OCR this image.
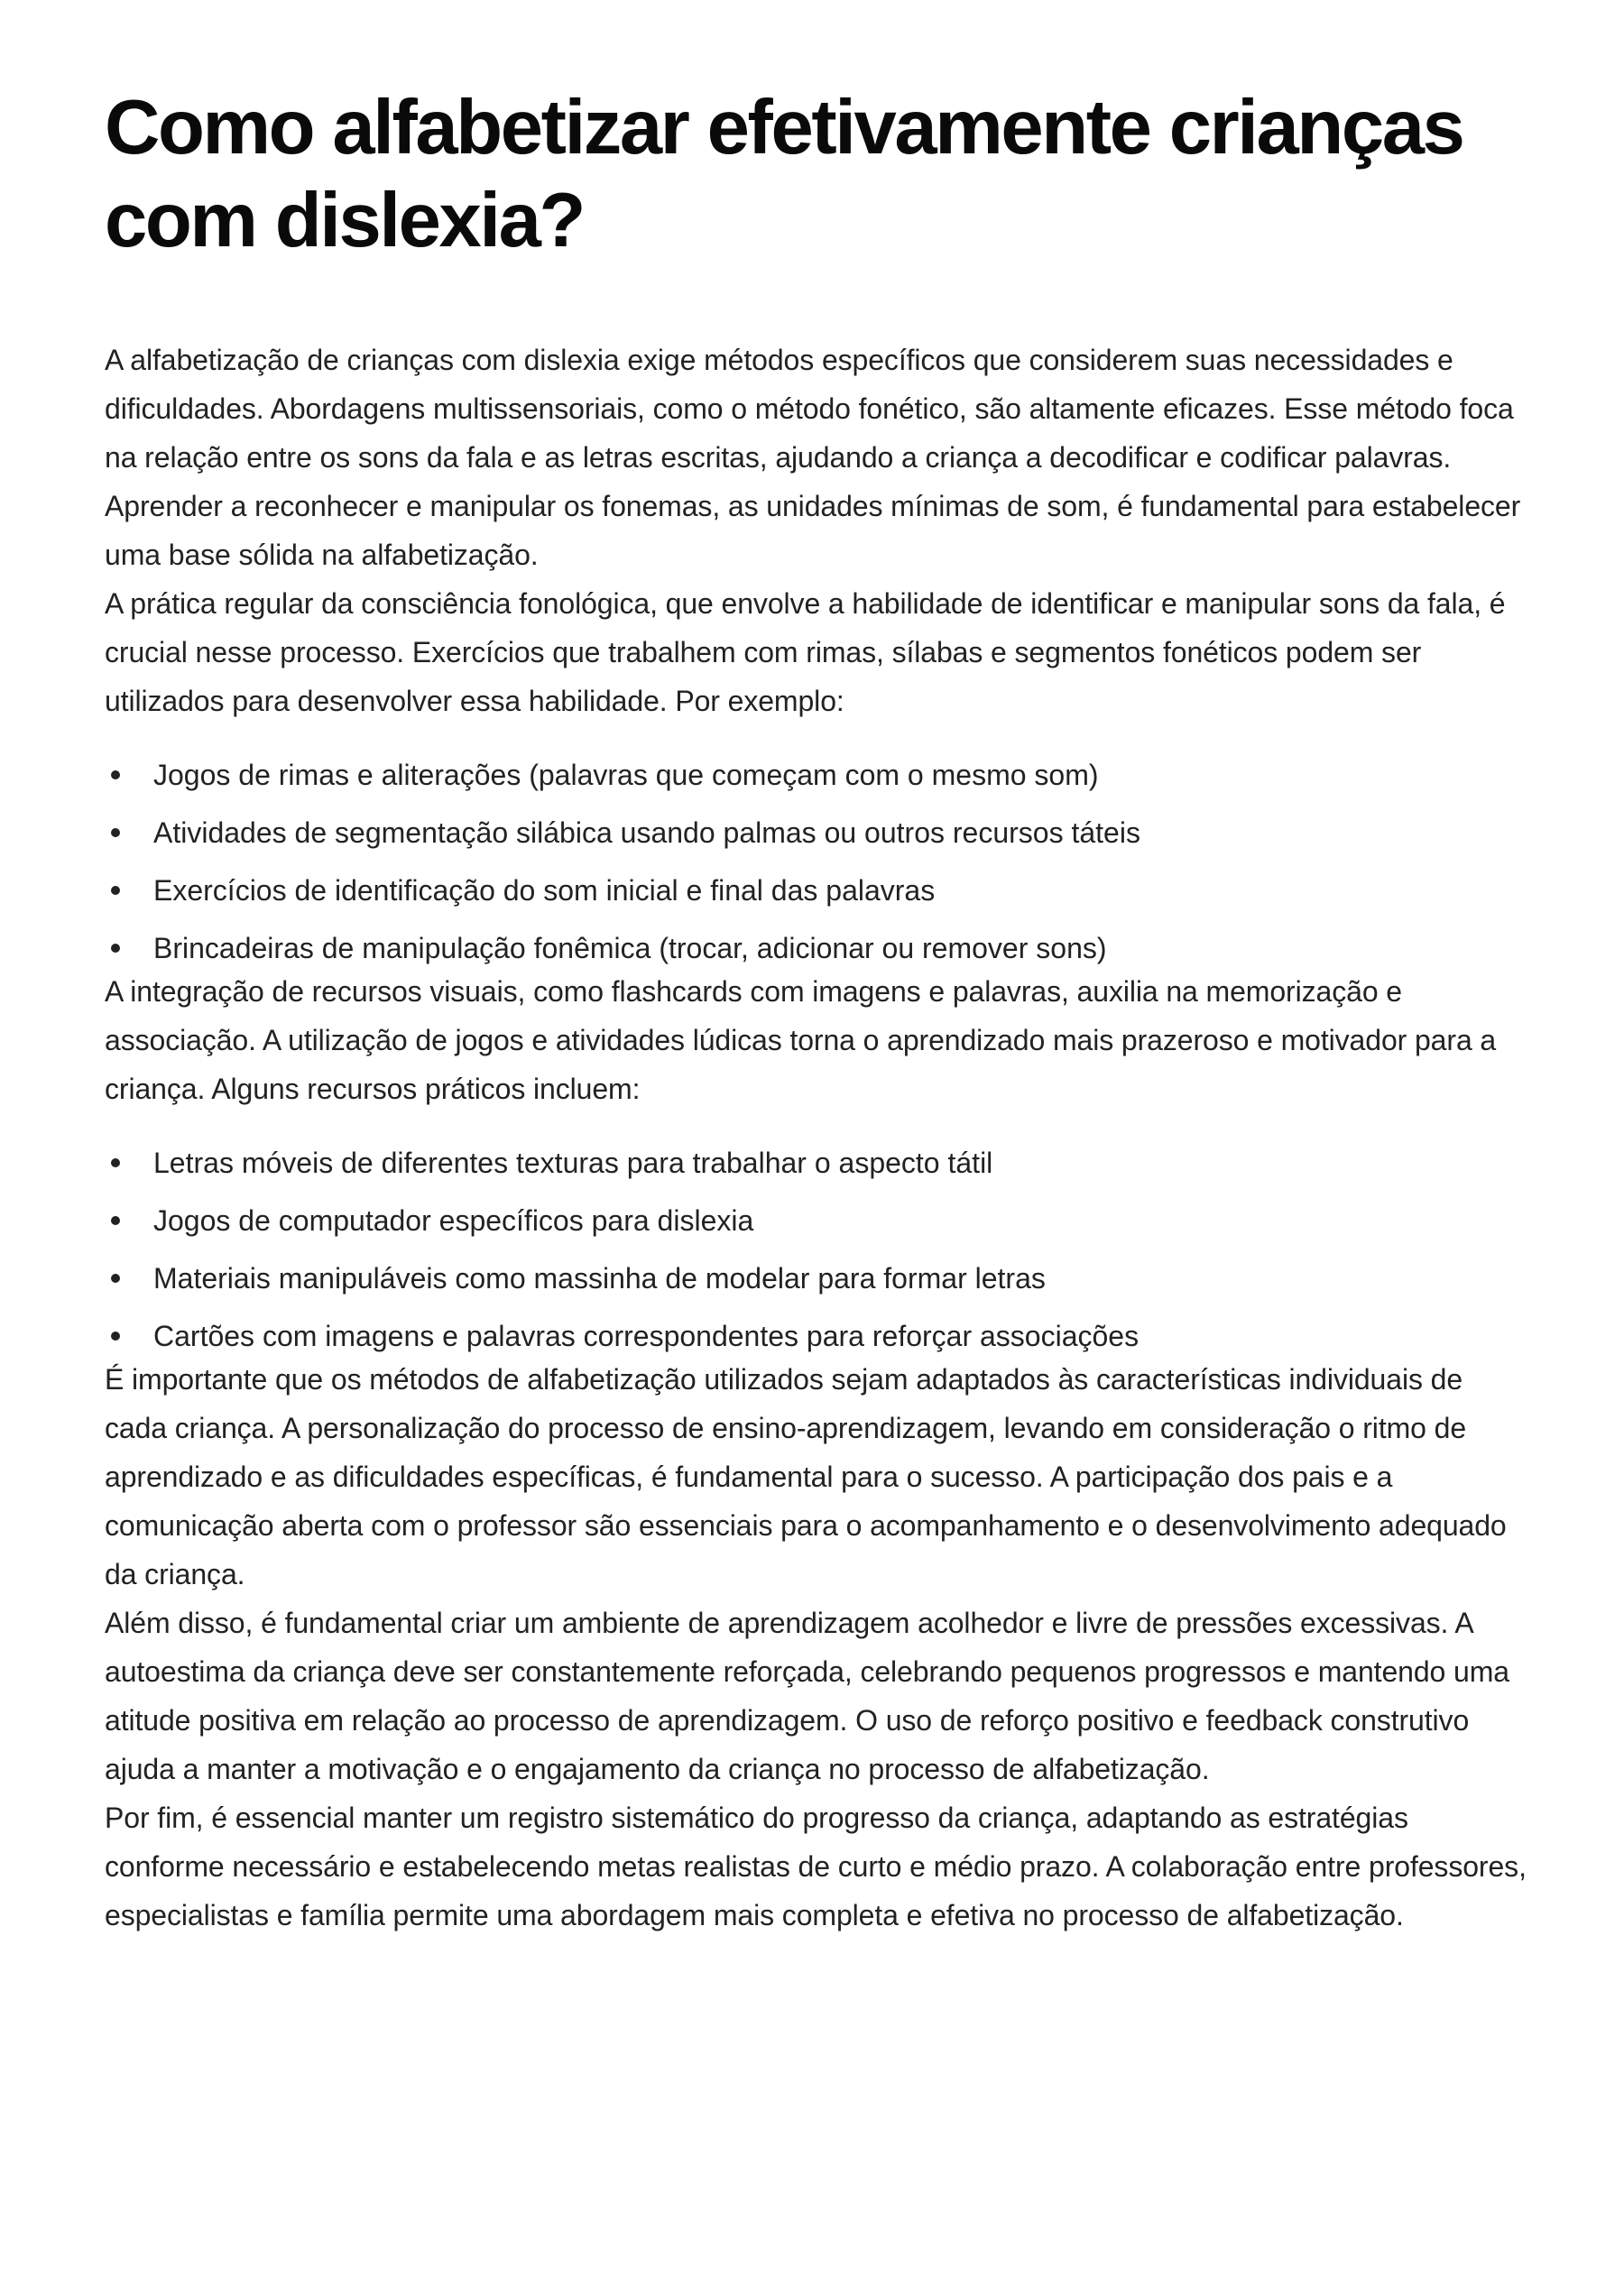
Como alfabetizar efetivamente crianças com dislexia?

A alfabetização de crianças com dislexia exige métodos específicos que considerem suas necessidades e dificuldades. Abordagens multissensoriais, como o método fonético, são altamente eficazes. Esse método foca na relação entre os sons da fala e as letras escritas, ajudando a criança a decodificar e codificar palavras. Aprender a reconhecer e manipular os fonemas, as unidades mínimas de som, é fundamental para estabelecer uma base sólida na alfabetização.

A prática regular da consciência fonológica, que envolve a habilidade de identificar e manipular sons da fala, é crucial nesse processo. Exercícios que trabalhem com rimas, sílabas e segmentos fonéticos podem ser utilizados para desenvolver essa habilidade. Por exemplo:

Jogos de rimas e aliterações (palavras que começam com o mesmo som)
Atividades de segmentação silábica usando palmas ou outros recursos táteis
Exercícios de identificação do som inicial e final das palavras
Brincadeiras de manipulação fonêmica (trocar, adicionar ou remover sons)

A integração de recursos visuais, como flashcards com imagens e palavras, auxilia na memorização e associação. A utilização de jogos e atividades lúdicas torna o aprendizado mais prazeroso e motivador para a criança. Alguns recursos práticos incluem:

Letras móveis de diferentes texturas para trabalhar o aspecto tátil
Jogos de computador específicos para dislexia
Materiais manipuláveis como massinha de modelar para formar letras
Cartões com imagens e palavras correspondentes para reforçar associações

É importante que os métodos de alfabetização utilizados sejam adaptados às características individuais de cada criança. A personalização do processo de ensino-aprendizagem, levando em consideração o ritmo de aprendizado e as dificuldades específicas, é fundamental para o sucesso. A participação dos pais e a comunicação aberta com o professor são essenciais para o acompanhamento e o desenvolvimento adequado da criança.

Além disso, é fundamental criar um ambiente de aprendizagem acolhedor e livre de pressões excessivas. A autoestima da criança deve ser constantemente reforçada, celebrando pequenos progressos e mantendo uma atitude positiva em relação ao processo de aprendizagem. O uso de reforço positivo e feedback construtivo ajuda a manter a motivação e o engajamento da criança no processo de alfabetização.

Por fim, é essencial manter um registro sistemático do progresso da criança, adaptando as estratégias conforme necessário e estabelecendo metas realistas de curto e médio prazo. A colaboração entre professores, especialistas e família permite uma abordagem mais completa e efetiva no processo de alfabetização.
